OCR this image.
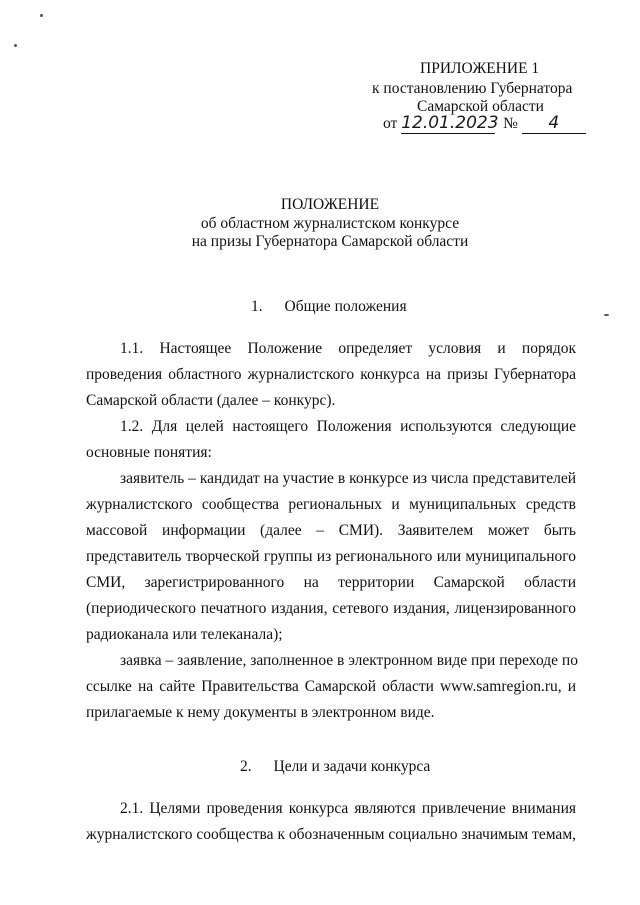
ПРИЛОЖЕНИЕ 1
к постановлению Губернатора
Самарской области
от 12.01.2023 № 4
ПОЛОЖЕНИЕ
об областном журналистском конкурсе
на призы Губернатора Самарской области
1. Общие положения
1.1. Настоящее Положение определяет условия и порядок
проведения областного журналистского конкурса на призы Губернатора
Самарской области (далее – конкурс).
1.2. Для целей настоящего Положения используются следующие
основные понятия:
заявитель – кандидат на участие в конкурсе из числа представителей
журналистского сообщества региональных и муниципальных средств
массовой информации (далее – СМИ). Заявителем может быть
представитель творческой группы из регионального или муниципального
СМИ, зарегистрированного на территории Самарской области
(периодического печатного издания, сетевого издания, лицензированного
радиоканала или телеканала);
заявка – заявление, заполненное в электронном виде при переходе по
ссылке на сайте Правительства Самарской области www.samregion.ru, и
прилагаемые к нему документы в электронном виде.
2. Цели и задачи конкурса
2.1. Целями проведения конкурса являются привлечение внимания
журналистского сообщества к обозначенным социально значимым темам,
